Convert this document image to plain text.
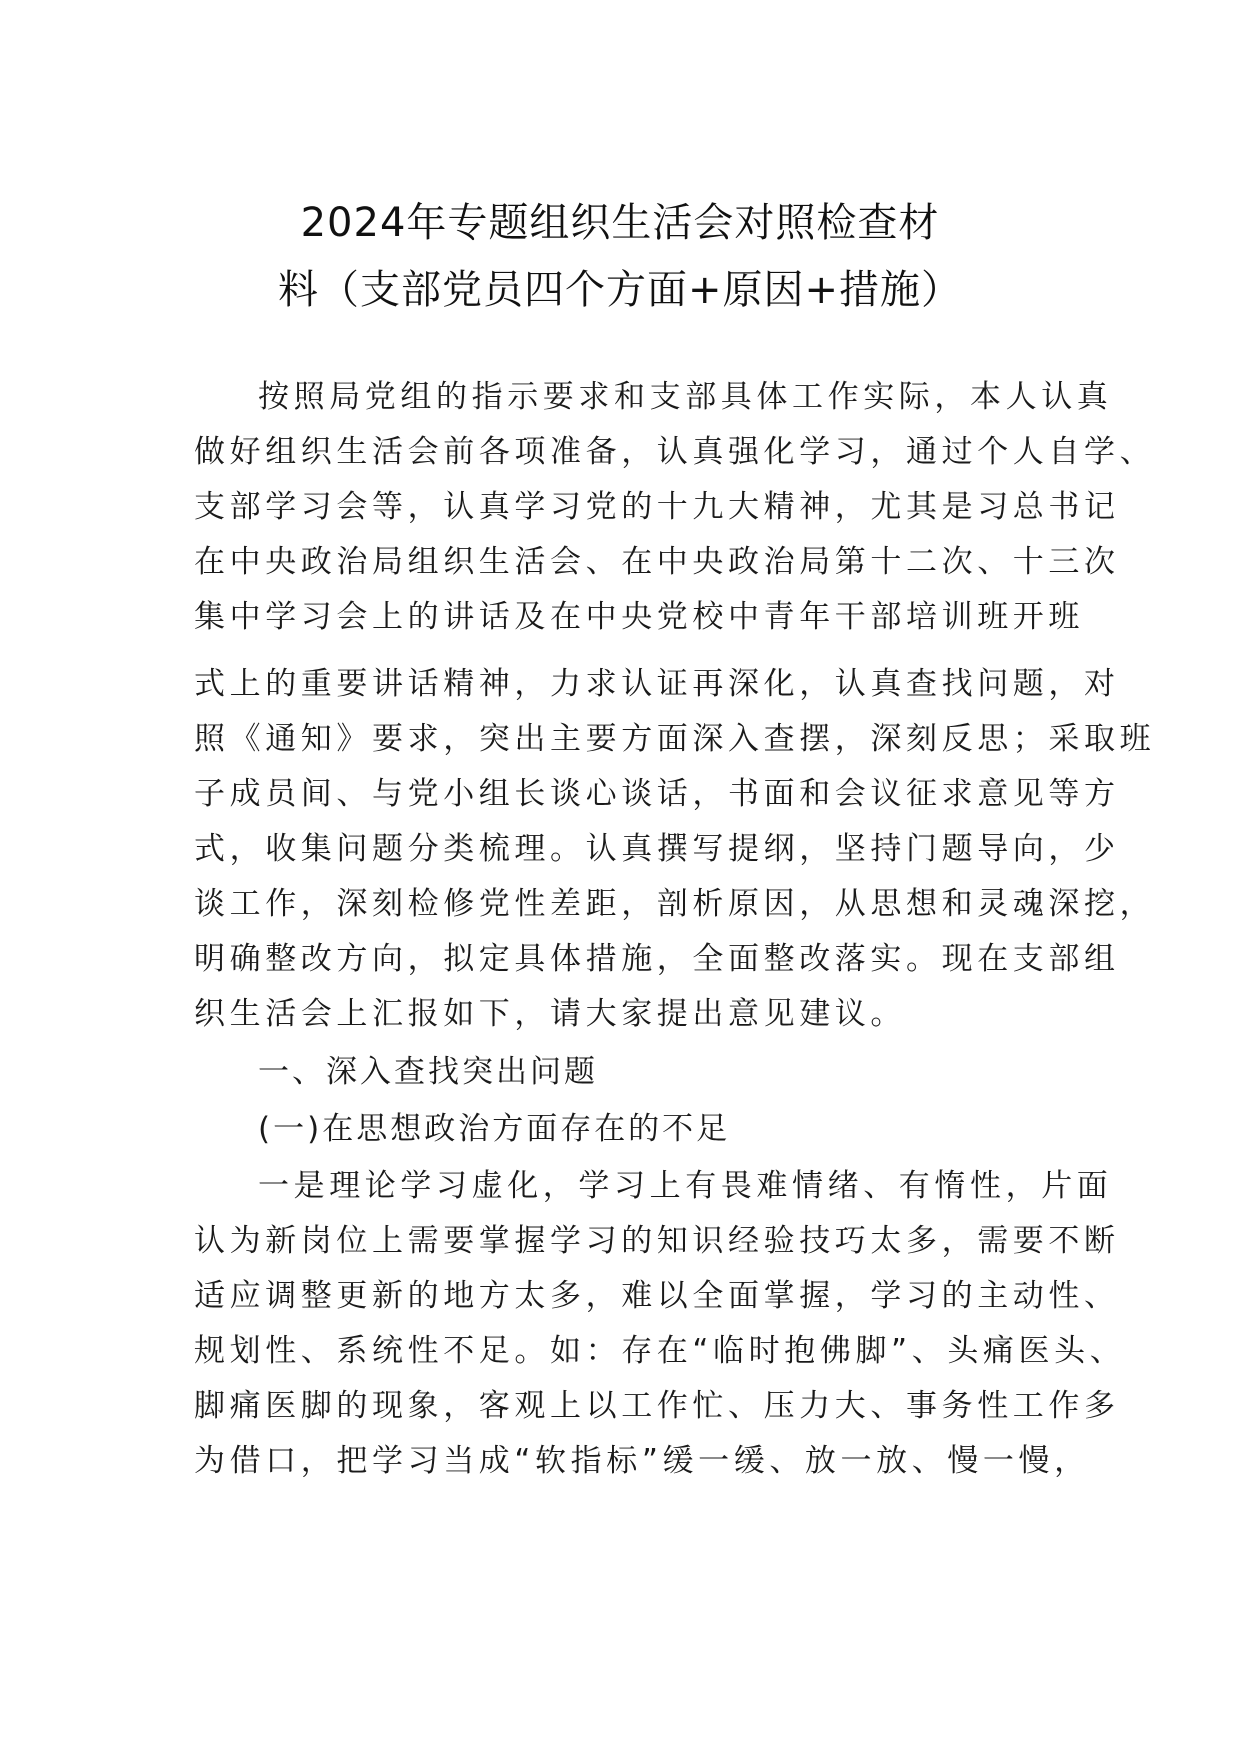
2024年专题组织生活会对照检查材
料（支部党员四个方面+原因+措施）
按照局党组的指示要求和支部具体工作实际，本人认真
做好组织生活会前各项准备，认真强化学习，通过个人自学、
支部学习会等，认真学习党的十九大精神，尤其是习总书记
在中央政治局组织生活会、在中央政治局第十二次、十三次
集中学习会上的讲话及在中央党校中青年干部培训班开班
式上的重要讲话精神，力求认证再深化，认真查找问题，对
照《通知》要求，突出主要方面深入查摆，深刻反思；采取班
子成员间、与党小组长谈心谈话，书面和会议征求意见等方
式，收集问题分类梳理。认真撰写提纲，坚持门题导向，少
谈工作，深刻检修党性差距，剖析原因，从思想和灵魂深挖，
明确整改方向，拟定具体措施，全面整改落实。现在支部组
织生活会上汇报如下，请大家提出意见建议。
一、深入查找突出问题
(一)在思想政治方面存在的不足
一是理论学习虚化，学习上有畏难情绪、有惰性，片面
认为新岗位上需要掌握学习的知识经验技巧太多，需要不断
适应调整更新的地方太多，难以全面掌握，学习的主动性、
规划性、系统性不足。如：存在“临时抱佛脚”、头痛医头、
脚痛医脚的现象，客观上以工作忙、压力大、事务性工作多
为借口，把学习当成“软指标”缓一缓、放一放、慢一慢，
